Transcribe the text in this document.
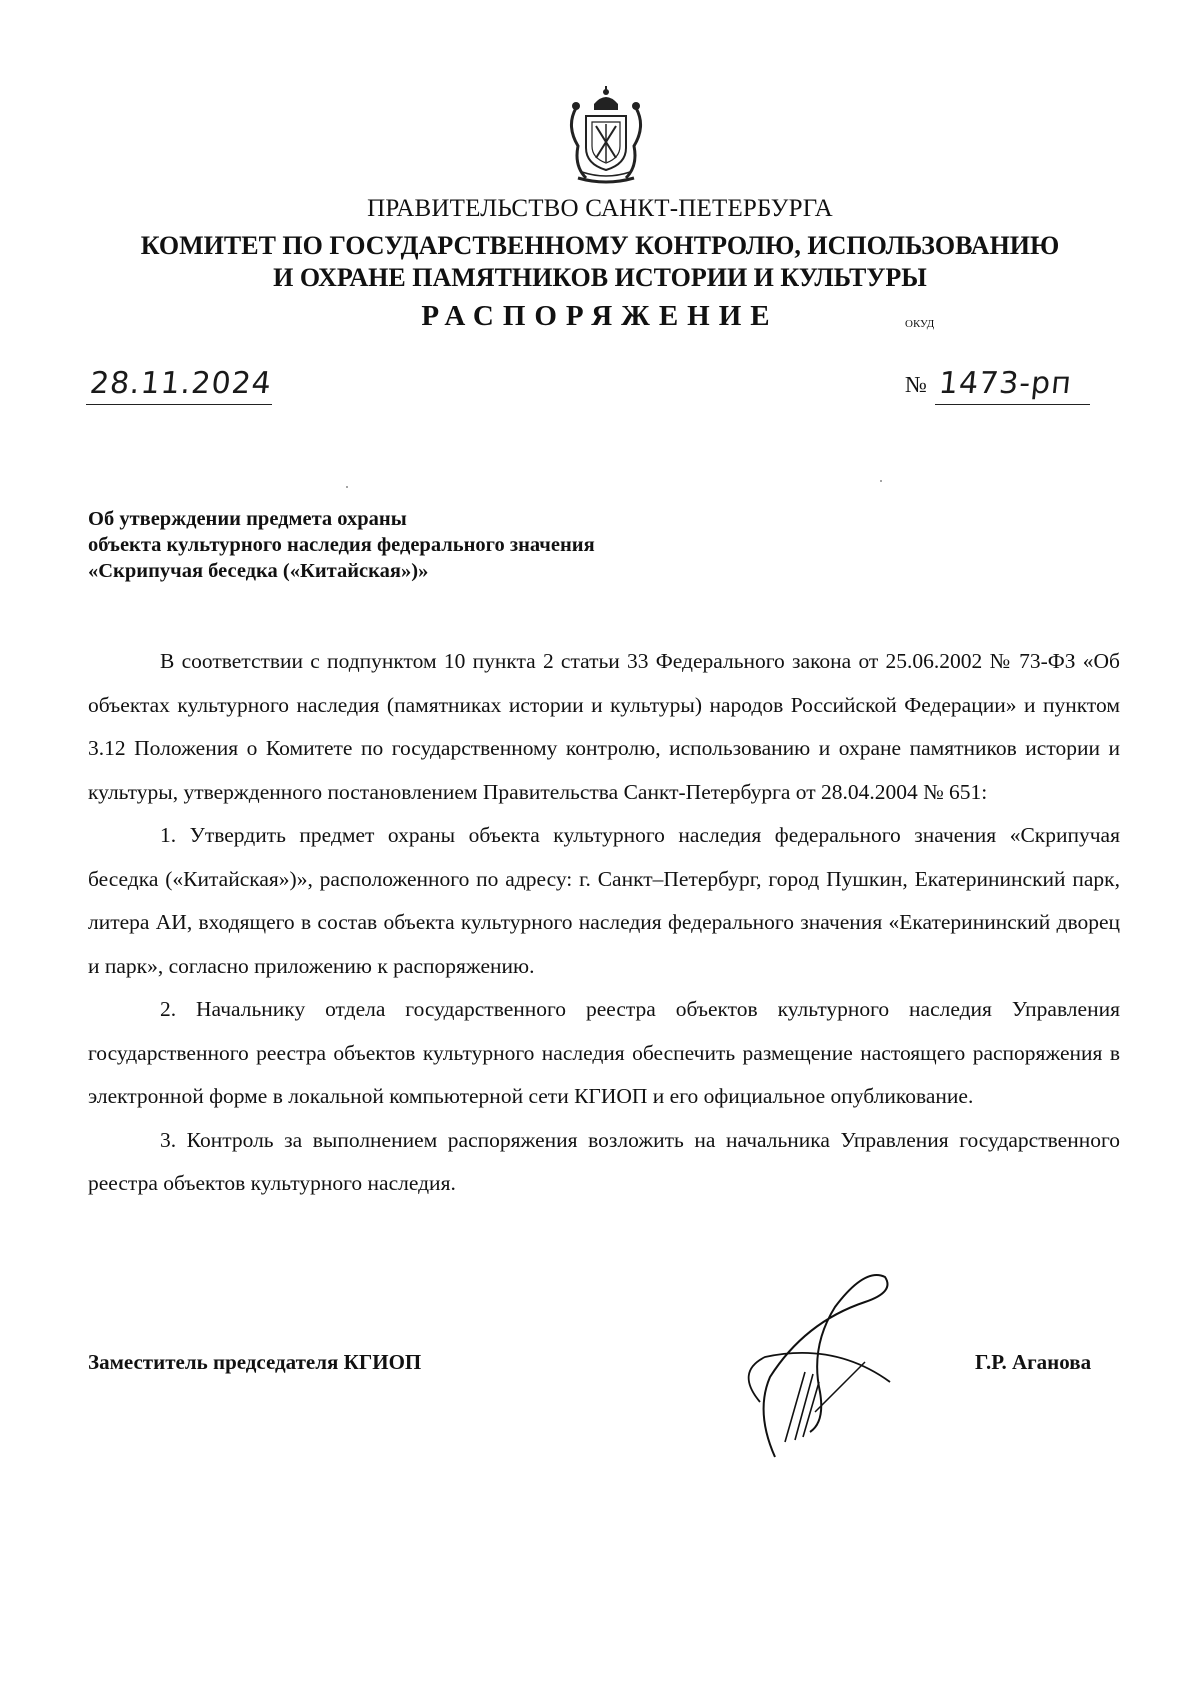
ПРАВИТЕЛЬСТВО САНКТ-ПЕТЕРБУРГА
КОМИТЕТ ПО ГОСУДАРСТВЕННОМУ КОНТРОЛЮ, ИСПОЛЬЗОВАНИЮ
И ОХРАНЕ ПАМЯТНИКОВ ИСТОРИИ И КУЛЬТУРЫ
РАСПОРЯЖЕНИЕ	ОКУД
28.11.2024	№ 1473-рп
Об утверждении предмета охраны
объекта культурного наследия федерального значения
«Скрипучая беседка («Китайская»)»

В соответствии с подпунктом 10 пункта 2 статьи 33 Федерального закона от 25.06.2002 № 73-ФЗ «Об объектах культурного наследия (памятниках истории и культуры) народов Российской Федерации» и пунктом 3.12 Положения о Комитете по государственному контролю, использованию и охране памятников истории и культуры, утвержденного постановлением Правительства Санкт-Петербурга от 28.04.2004 № 651:

1. Утвердить предмет охраны объекта культурного наследия федерального значения «Скрипучая беседка («Китайская»)», расположенного по адресу: г. Санкт–Петербург, город Пушкин, Екатерининский парк, литера АИ, входящего в состав объекта культурного наследия федерального значения «Екатерининский дворец и парк», согласно приложению к распоряжению.

2. Начальнику отдела государственного реестра объектов культурного наследия Управления государственного реестра объектов культурного наследия обеспечить размещение настоящего распоряжения в электронной форме в локальной компьютерной сети КГИОП и его официальное опубликование.

3. Контроль за выполнением распоряжения возложить на начальника Управления государственного реестра объектов культурного наследия.

Заместитель председателя КГИОП	Г.Р. Аганова
